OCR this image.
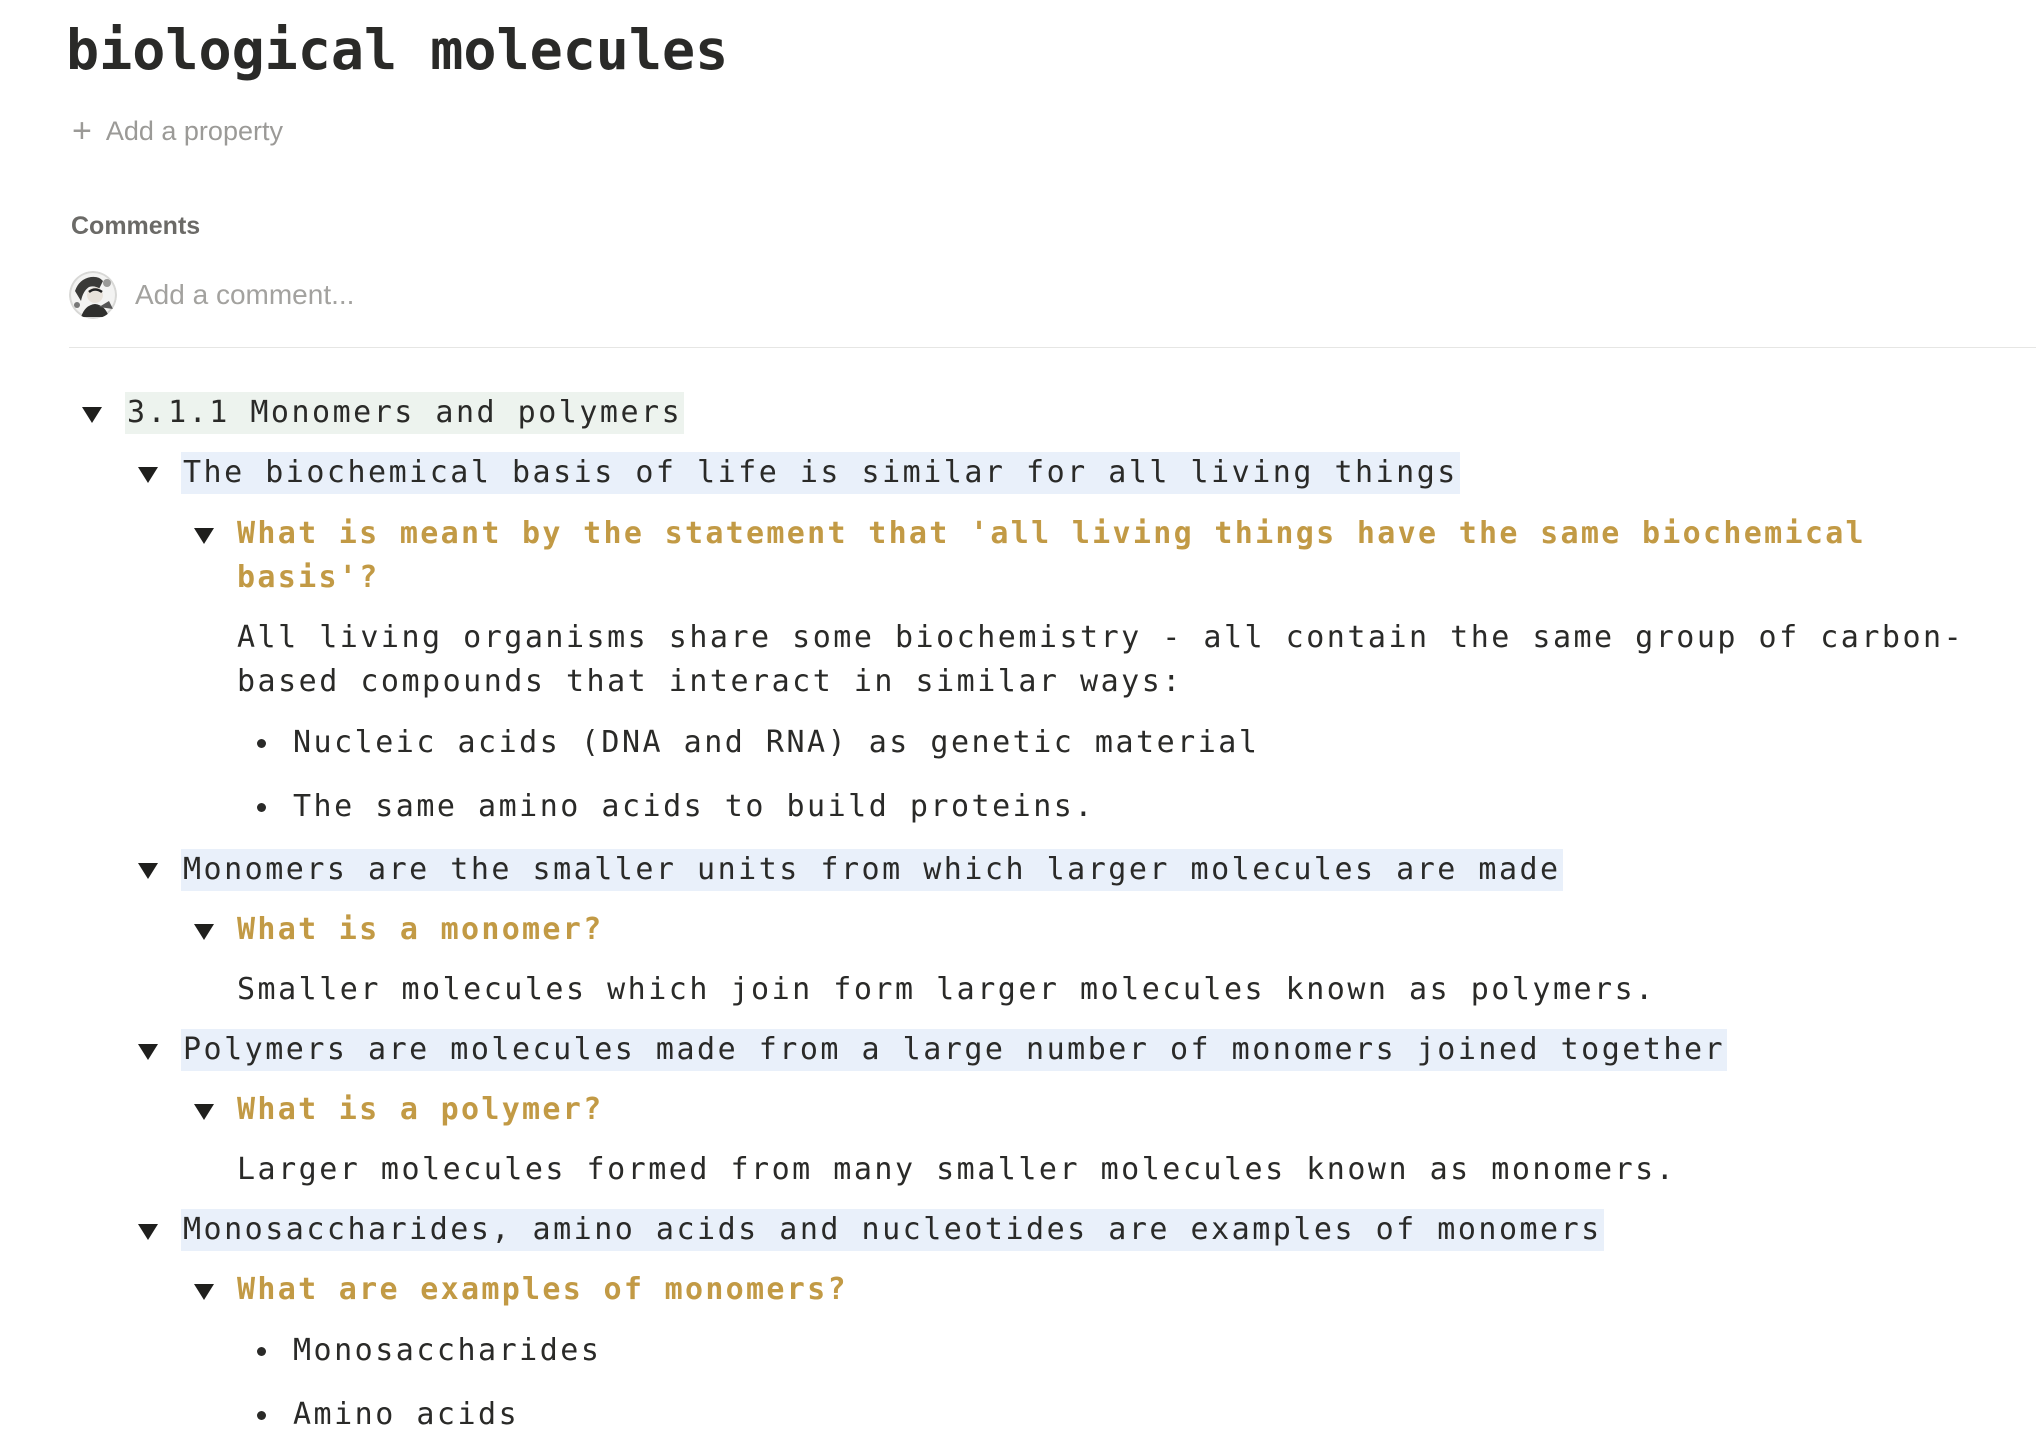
biological molecules
+ Add a property
Comments
Add a comment...
3.1.1 Monomers and polymers
The biochemical basis of life is similar for all living things
What is meant by the statement that 'all living things have the same biochemical
basis'?
All living organisms share some biochemistry - all contain the same group of carbon-
based compounds that interact in similar ways:
Nucleic acids (DNA and RNA) as genetic material
The same amino acids to build proteins.
Monomers are the smaller units from which larger molecules are made
What is a monomer?
Smaller molecules which join form larger molecules known as polymers.
Polymers are molecules made from a large number of monomers joined together
What is a polymer?
Larger molecules formed from many smaller molecules known as monomers.
Monosaccharides, amino acids and nucleotides are examples of monomers
What are examples of monomers?
Monosaccharides
Amino acids
